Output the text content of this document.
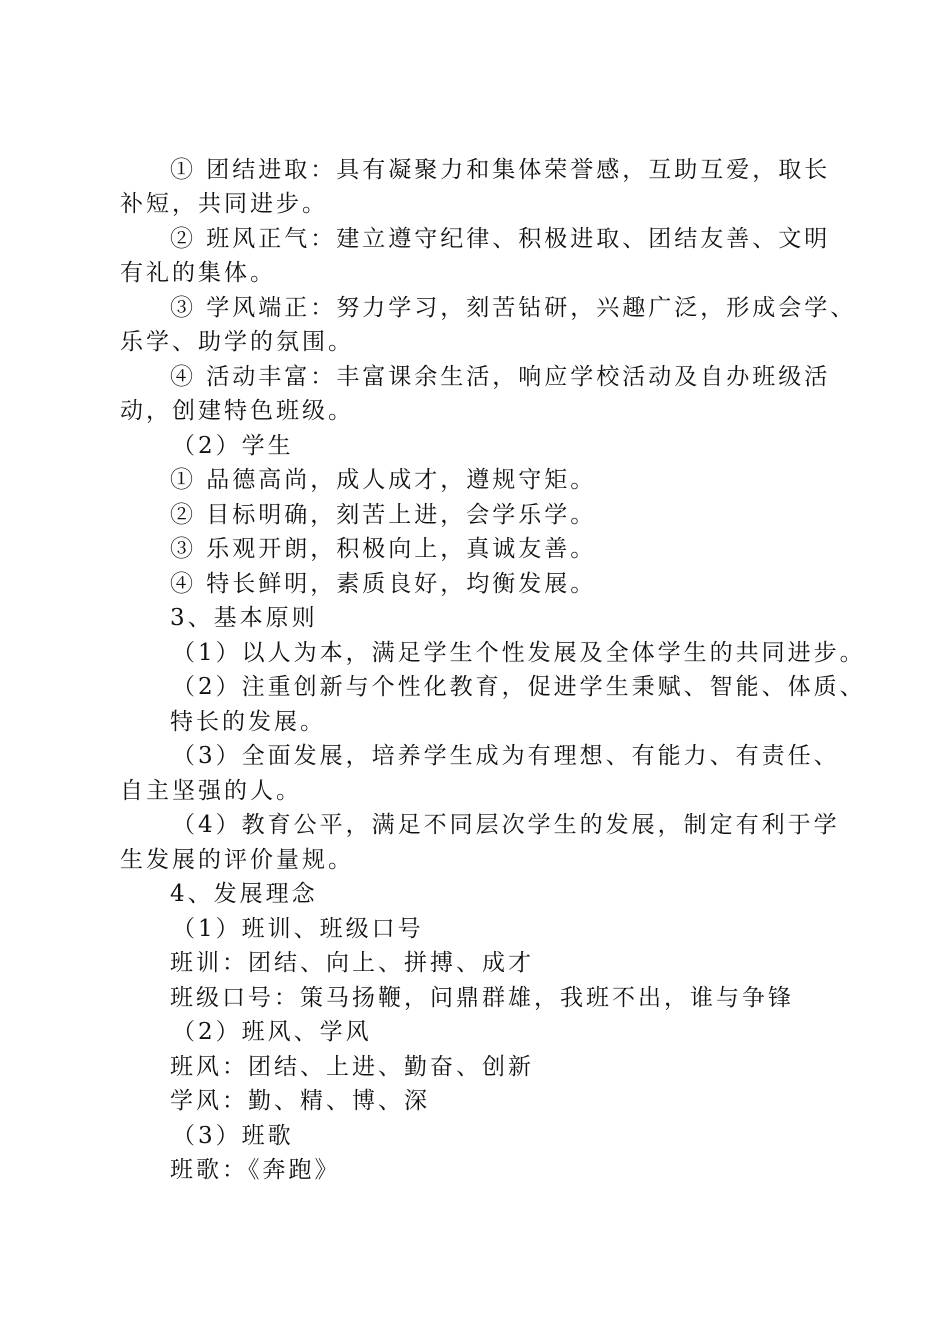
① 团结进取：具有凝聚力和集体荣誉感，互助互爱，取长
补短，共同进步。
② 班风正气：建立遵守纪律、积极进取、团结友善、文明
有礼的集体。
③ 学风端正：努力学习，刻苦钻研，兴趣广泛，形成会学、
乐学、助学的氛围。
④ 活动丰富：丰富课余生活，响应学校活动及自办班级活
动，创建特色班级。
（2）学生
① 品德高尚，成人成才，遵规守矩。
② 目标明确，刻苦上进，会学乐学。
③ 乐观开朗，积极向上，真诚友善。
④ 特长鲜明，素质良好，均衡发展。
3、基本原则
（1）以人为本，满足学生个性发展及全体学生的共同进步。
（2）注重创新与个性化教育，促进学生秉赋、智能、体质、
特长的发展。
（3）全面发展，培养学生成为有理想、有能力、有责任、
自主坚强的人。
（4）教育公平，满足不同层次学生的发展，制定有利于学
生发展的评价量规。
4、发展理念
（1）班训、班级口号
班训：团结、向上、拼搏、成才
班级口号：策马扬鞭，问鼎群雄，我班不出，谁与争锋
（2）班风、学风
班风：团结、上进、勤奋、创新
学风：勤、精、博、深
（3）班歌
班歌：《奔跑》
